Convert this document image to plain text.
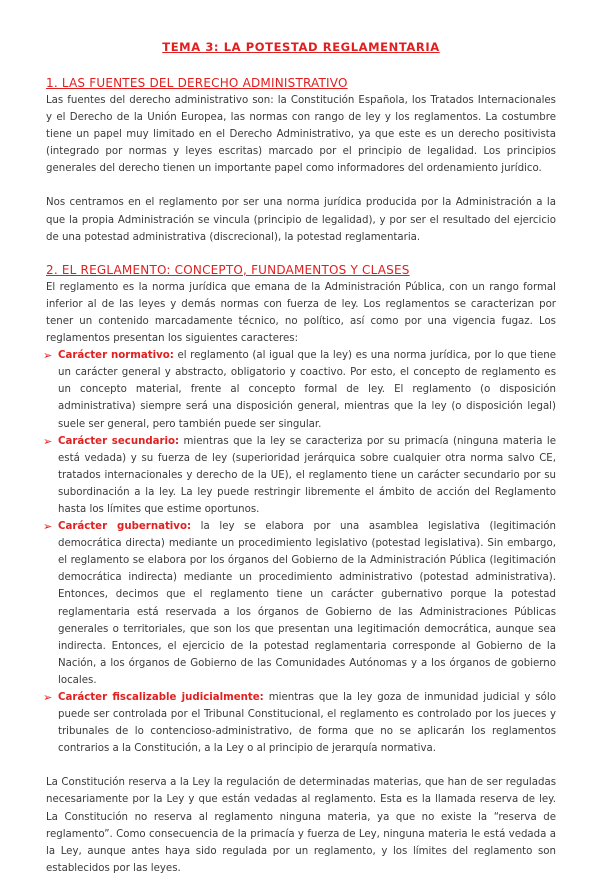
TEMA 3: LA POTESTAD REGLAMENTARIA
1. LAS FUENTES DEL DERECHO ADMINISTRATIVO

Las fuentes del derecho administrativo son: la Constitución Española, los Tratados Internacionales y el Derecho de la Unión Europea, las normas con rango de ley y los reglamentos. La costumbre tiene un papel muy limitado en el Derecho Administrativo, ya que este es un derecho positivista (integrado por normas y leyes escritas) marcado por el principio de legalidad. Los principios generales del derecho tienen un importante papel como informadores del ordenamiento jurídico.

Nos centramos en el reglamento por ser una norma jurídica producida por la Administración a la que la propia Administración se vincula (principio de legalidad), y por ser el resultado del ejercicio de una potestad administrativa (discrecional), la potestad reglamentaria.

2. EL REGLAMENTO: CONCEPTO, FUNDAMENTOS Y CLASES

El reglamento es la norma jurídica que emana de la Administración Pública, con un rango formal inferior al de las leyes y demás normas con fuerza de ley. Los reglamentos se caracterizan por tener un contenido marcadamente técnico, no político, así como por una vigencia fugaz. Los reglamentos presentan los siguientes caracteres:

➢ Carácter normativo: el reglamento (al igual que la ley) es una norma jurídica, por lo que tiene un carácter general y abstracto, obligatorio y coactivo. Por esto, el concepto de reglamento es un concepto material, frente al concepto formal de ley. El reglamento (o disposición administrativa) siempre será una disposición general, mientras que la ley (o disposición legal) suele ser general, pero también puede ser singular.
➢ Carácter secundario: mientras que la ley se caracteriza por su primacía (ninguna materia le está vedada) y su fuerza de ley (superioridad jerárquica sobre cualquier otra norma salvo CE, tratados internacionales y derecho de la UE), el reglamento tiene un carácter secundario por su subordinación a la ley. La ley puede restringir libremente el ámbito de acción del Reglamento hasta los límites que estime oportunos.
➢ Carácter gubernativo: la ley se elabora por una asamblea legislativa (legitimación democrática directa) mediante un procedimiento legislativo (potestad legislativa). Sin embargo, el reglamento se elabora por los órganos del Gobierno de la Administración Pública (legitimación democrática indirecta) mediante un procedimiento administrativo (potestad administrativa). Entonces, decimos que el reglamento tiene un carácter gubernativo porque la potestad reglamentaria está reservada a los órganos de Gobierno de las Administraciones Públicas generales o territoriales, que son los que presentan una legitimación democrática, aunque sea indirecta. Entonces, el ejercicio de la potestad reglamentaria corresponde al Gobierno de la Nación, a los órganos de Gobierno de las Comunidades Autónomas y a los órganos de gobierno locales.
➢ Carácter fiscalizable judicialmente: mientras que la ley goza de inmunidad judicial y sólo puede ser controlada por el Tribunal Constitucional, el reglamento es controlado por los jueces y tribunales de lo contencioso-administrativo, de forma que no se aplicarán los reglamentos contrarios a la Constitución, a la Ley o al principio de jerarquía normativa.

La Constitución reserva a la Ley la regulación de determinadas materias, que han de ser reguladas necesariamente por la Ley y que están vedadas al reglamento. Esta es la llamada reserva de ley. La Constitución no reserva al reglamento ninguna materia, ya que no existe la “reserva de reglamento”. Como consecuencia de la primacía y fuerza de Ley, ninguna materia le está vedada a la Ley, aunque antes haya sido regulada por un reglamento, y los límites del reglamento son establecidos por las leyes.
